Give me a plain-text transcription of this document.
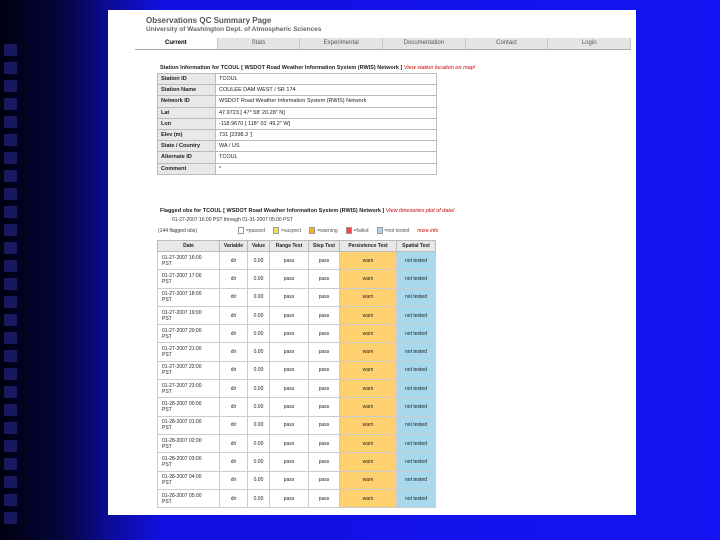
Observations QC Summary Page
University of Washington Dept. of Atmospheric Sciences
Current	Stats	Experimental	Documentation	Contact	Login
Station Information for TCOUL [ WSDOT Road Weather Information System (RWIS) Network ] View station location on map!
Station ID	TCOUL
Station Name	COULEE DAM WEST / SR 174
Network ID	WSDOT Road Weather Information System (RWIS) Network
Lat	47.9723 [ 47° 58' 20.28" N]
Lon	-118.9670 [ 118° 01' 49.2" W]
Elev (m)	731 [2398.3 ']
State / Country	WA / US
Alternate ID	TCOUL
Comment	*
Flagged obs for TCOUL [ WSDOT Road Weather Information System (RWIS) Network ] View timeseries plot of data!
01-27-2007 16:00 PST through 01-31-2007 05:00 PST
(144 flagged obs)	=passed	=suspect	=warning	=failed	=not tested more info
Date	Variable	Value	Range Test	Step Test	Persistence Test	Spatial Test

01-27-2007 16:00
PST	dir	0.00	pass	pass	warn	not tested

01-27-2007 17:00
PST	dir	0.00	pass	pass	warn	not tested

01-27-2007 18:00
PST	dir	0.00	pass	pass	warn	not tested

01-27-2007 19:00
PST	dir	0.00	pass	pass	warn	not tested

01-27-2007 20:00
PST	dir	0.00	pass	pass	warn	not tested

01-27-2007 21:00
PST	dir	0.00	pass	pass	warn	not tested

01-27-2007 22:00
PST	dir	0.00	pass	pass	warn	not tested

01-27-2007 23:00
PST	dir	0.00	pass	pass	warn	not tested

01-28-2007 00:00
PST	dir	0.00	pass	pass	warn	not tested

01-28-2007 01:00
PST	dir	0.00	pass	pass	warn	not tested

01-28-2007 02:00
PST	dir	0.00	pass	pass	warn	not tested

01-28-2007 03:00
PST	dir	0.00	pass	pass	warn	not tested

01-28-2007 04:00
PST	dir	0.00	pass	pass	warn	not tested

01-28-2007 05:00
PST	dir	0.00	pass	pass	warn	not tested
